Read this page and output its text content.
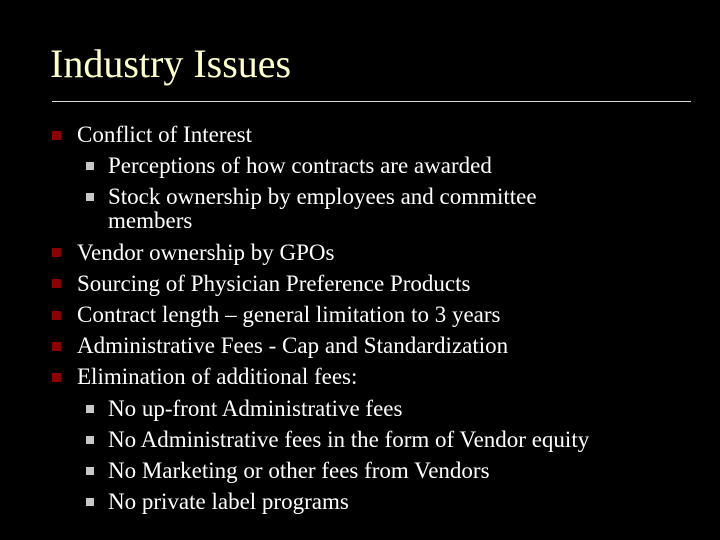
Industry Issues
Conflict of Interest
Perceptions of how contracts are awarded
Stock ownership by employees and committee
members
Vendor ownership by GPOs
Sourcing of Physician Preference Products
Contract length – general limitation to 3 years
Administrative Fees - Cap and Standardization
Elimination of additional fees:
No up-front Administrative fees
No Administrative fees in the form of Vendor equity
No Marketing or other fees from Vendors
No private label programs
